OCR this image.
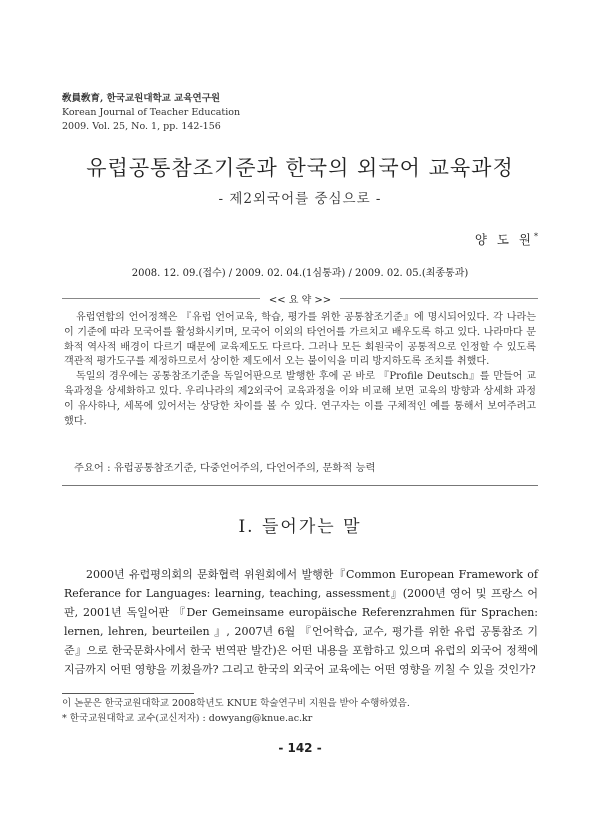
敎員敎育, 한국교원대학교 교육연구원
Korean Journal of Teacher Education
2009. Vol. 25, No. 1, pp. 142-156
유럽공통참조기준과 한국의 외국어 교육과정
- 제2외국어를 중심으로 -
양 도 원*
2008. 12. 09.(접수) / 2009. 02. 04.(1심통과) / 2009. 02. 05.(최종통과)
<< 요 약 >>

유럽연합의 언어정책은 『유럽 언어교육, 학습, 평가를 위한 공통참조기준』에 명시되어있다. 각 나라는 이 기준에 따라 모국어를 활성화시키며, 모국어 이외의 타언어를 가르치고 배우도록 하고 있다. 나라마다 문화적 역사적 배경이 다르기 때문에 교육제도도 다르다. 그러나 모든 회원국이 공통적으로 인정할 수 있도록 객관적 평가도구를 제정하므로서 상이한 제도에서 오는 불이익을 미리 방지하도록 조치를 취했다.

독일의 경우에는 공통참조기준을 독일어판으로 발행한 후에 곧 바로 『Profile Deutsch』를 만들어 교육과정을 상세화하고 있다. 우리나라의 제2외국어 교육과정을 이와 비교해 보면 교육의 방향과 상세화 과정이 유사하나, 세목에 있어서는 상당한 차이를 볼 수 있다. 연구자는 이를 구체적인 예를 통해서 보여주려고 했다.

주요어 : 유럽공통참조기준, 다중언어주의, 다언어주의, 문화적 능력
I. 들어가는 말

2000년 유럽평의회의 문화협력 위원회에서 발행한『Common European Framework of Referance for Languages: learning, teaching, assessment』(2000년 영어 및 프랑스 어판, 2001년 독일어판 『Der Gemeinsame europäische Referenzrahmen für Sprachen: lernen, lehren, beurteilen 』, 2007년 6월 『언어학습, 교수, 평가를 위한 유럽 공통참조 기준』으로 한국문화사에서 한국 번역판 발간)은 어떤 내용을 포함하고 있으며 유럽의 외국어 정책에 지금까지 어떤 영향을 끼쳤을까? 그리고 한국의 외국어 교육에는 어떤 영향을 끼칠 수 있을 것인가?

이 논문은 한국교원대학교 2008학년도 KNUE 학술연구비 지원을 받아 수행하였음.
* 한국교원대학교 교수(교신저자) : dowyang@knue.ac.kr
- 142 -
